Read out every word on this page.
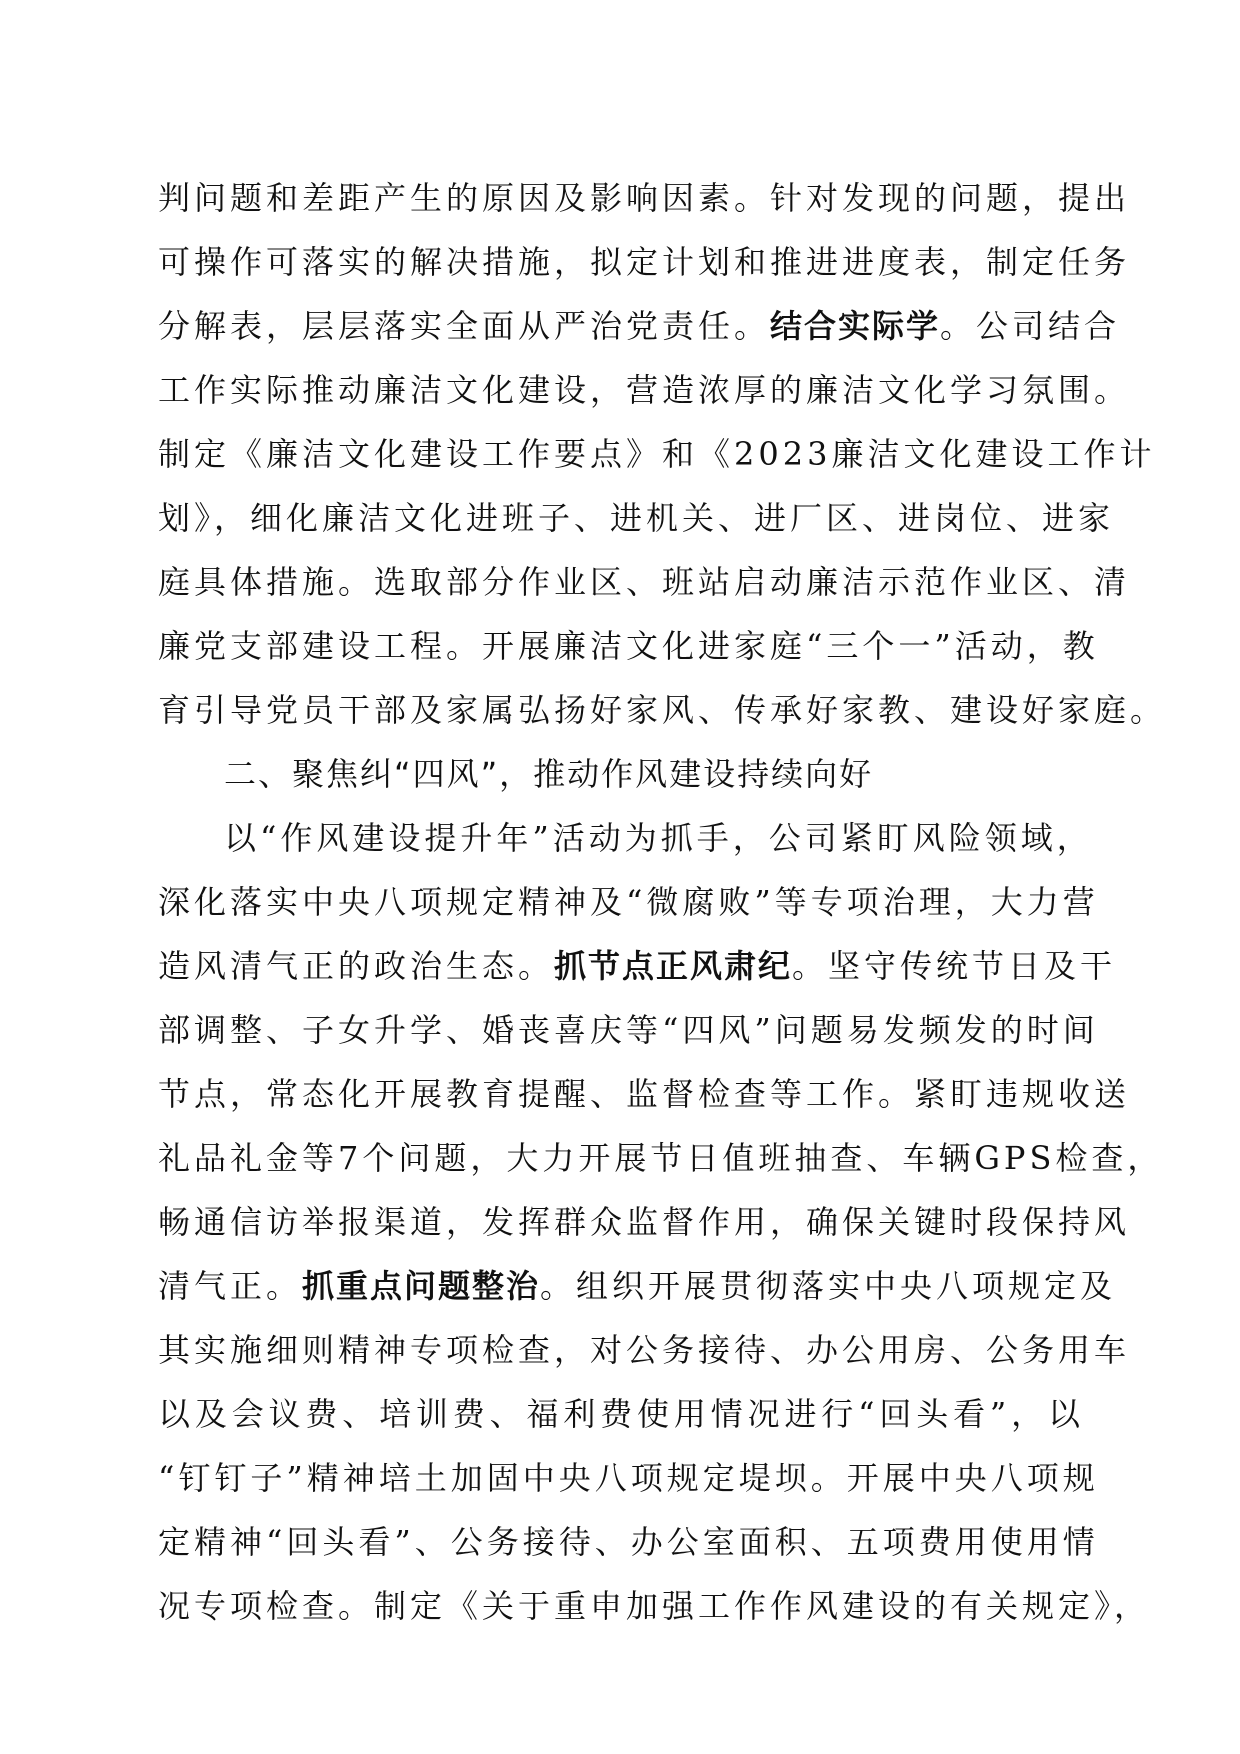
判问题和差距产生的原因及影响因素。针对发现的问题，提出
可操作可落实的解决措施，拟定计划和推进进度表，制定任务
分解表，层层落实全面从严治党责任。结合实际学。公司结合
工作实际推动廉洁文化建设，营造浓厚的廉洁文化学习氛围。
制定《廉洁文化建设工作要点》和《2023廉洁文化建设工作计
划》，细化廉洁文化进班子、进机关、进厂区、进岗位、进家
庭具体措施。选取部分作业区、班站启动廉洁示范作业区、清
廉党支部建设工程。开展廉洁文化进家庭“三个一”活动，教
育引导党员干部及家属弘扬好家风、传承好家教、建设好家庭。
二、聚焦纠“四风”，推动作风建设持续向好
以“作风建设提升年”活动为抓手，公司紧盯风险领域，
深化落实中央八项规定精神及“微腐败”等专项治理，大力营
造风清气正的政治生态。抓节点正风肃纪。坚守传统节日及干
部调整、子女升学、婚丧喜庆等“四风”问题易发频发的时间
节点，常态化开展教育提醒、监督检查等工作。紧盯违规收送
礼品礼金等7个问题，大力开展节日值班抽查、车辆GPS检查，
畅通信访举报渠道，发挥群众监督作用，确保关键时段保持风
清气正。抓重点问题整治。组织开展贯彻落实中央八项规定及
其实施细则精神专项检查，对公务接待、办公用房、公务用车
以及会议费、培训费、福利费使用情况进行“回头看”，以
“钉钉子”精神培土加固中央八项规定堤坝。开展中央八项规
定精神“回头看”、公务接待、办公室面积、五项费用使用情
况专项检查。制定《关于重申加强工作作风建设的有关规定》，
